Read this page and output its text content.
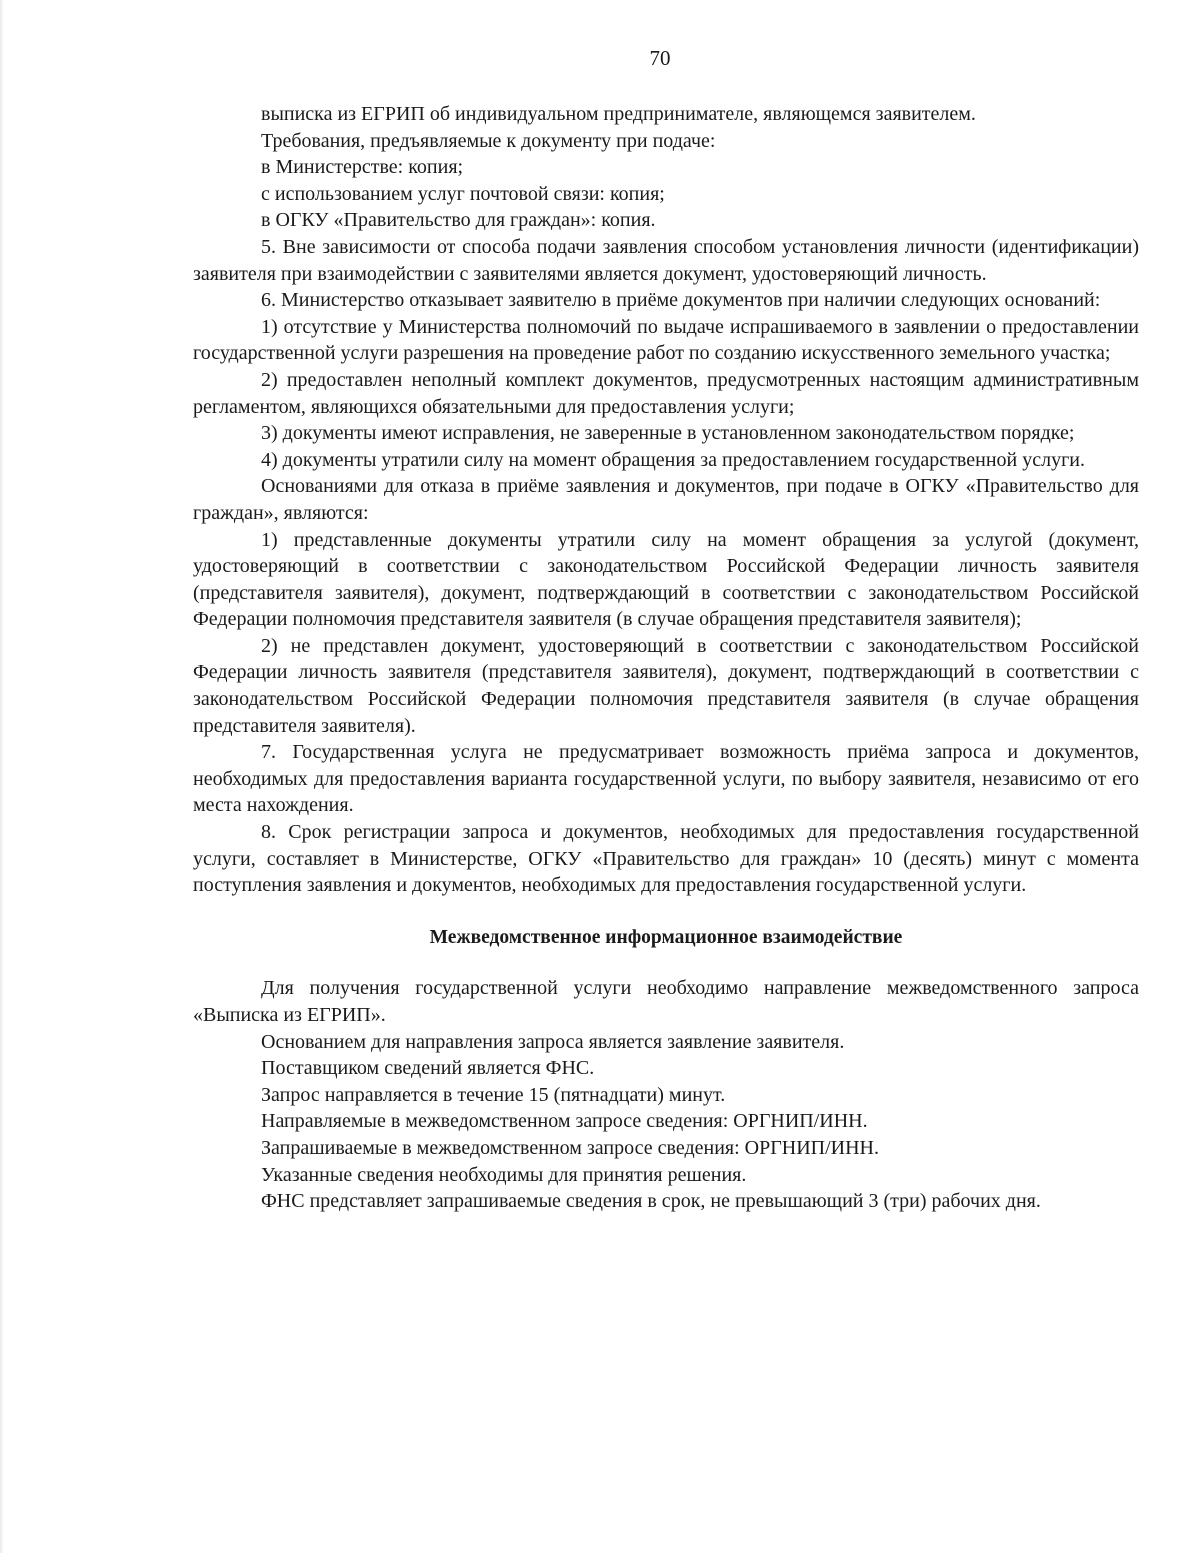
70

выписка из ЕГРИП об индивидуальном предпринимателе, являющемся заявителем.

Требования, предъявляемые к документу при подаче:

в Министерстве: копия;

с использованием услуг почтовой связи: копия;

в ОГКУ «Правительство для граждан»: копия.

5. Вне зависимости от способа подачи заявления способом установления личности (идентификации) заявителя при взаимодействии с заявителями является документ, удостоверяющий личность.

6. Министерство отказывает заявителю в приёме документов при наличии следующих оснований:

1) отсутствие у Министерства полномочий по выдаче испрашиваемого в заявлении о предоставлении государственной услуги разрешения на проведение работ по созданию искусственного земельного участка;

2) предоставлен неполный комплект документов, предусмотренных настоящим административным регламентом, являющихся обязательными для предоставления услуги;

3) документы имеют исправления, не заверенные в установленном законодательством порядке;

4) документы утратили силу на момент обращения за предоставлением государственной услуги.

Основаниями для отказа в приёме заявления и документов, при подаче в ОГКУ «Правительство для граждан», являются:

1) представленные документы утратили силу на момент обращения за услугой (документ, удостоверяющий в соответствии с законодательством Российской Федерации личность заявителя (представителя заявителя), документ, подтверждающий в соответствии с законодательством Российской Федерации полномочия представителя заявителя (в случае обращения представителя заявителя);

2) не представлен документ, удостоверяющий в соответствии с законодательством Российской Федерации личность заявителя (представителя заявителя), документ, подтверждающий в соответствии с законодательством Российской Федерации полномочия представителя заявителя (в случае обращения представителя заявителя).

7. Государственная услуга не предусматривает возможность приёма запроса и документов, необходимых для предоставления варианта государственной услуги, по выбору заявителя, независимо от его места нахождения.

8. Срок регистрации запроса и документов, необходимых для предоставления государственной услуги, составляет в Министерстве, ОГКУ «Правительство для граждан» 10 (десять) минут с момента поступления заявления и документов, необходимых для предоставления государственной услуги.

Межведомственное информационное взаимодействие

Для получения государственной услуги необходимо направление межведомственного запроса «Выписка из ЕГРИП».

Основанием для направления запроса является заявление заявителя.

Поставщиком сведений является ФНС.

Запрос направляется в течение 15 (пятнадцати) минут.

Направляемые в межведомственном запросе сведения: ОРГНИП/ИНН.

Запрашиваемые в межведомственном запросе сведения: ОРГНИП/ИНН.

Указанные сведения необходимы для принятия решения.

ФНС представляет запрашиваемые сведения в срок, не превышающий 3 (три) рабочих дня.
